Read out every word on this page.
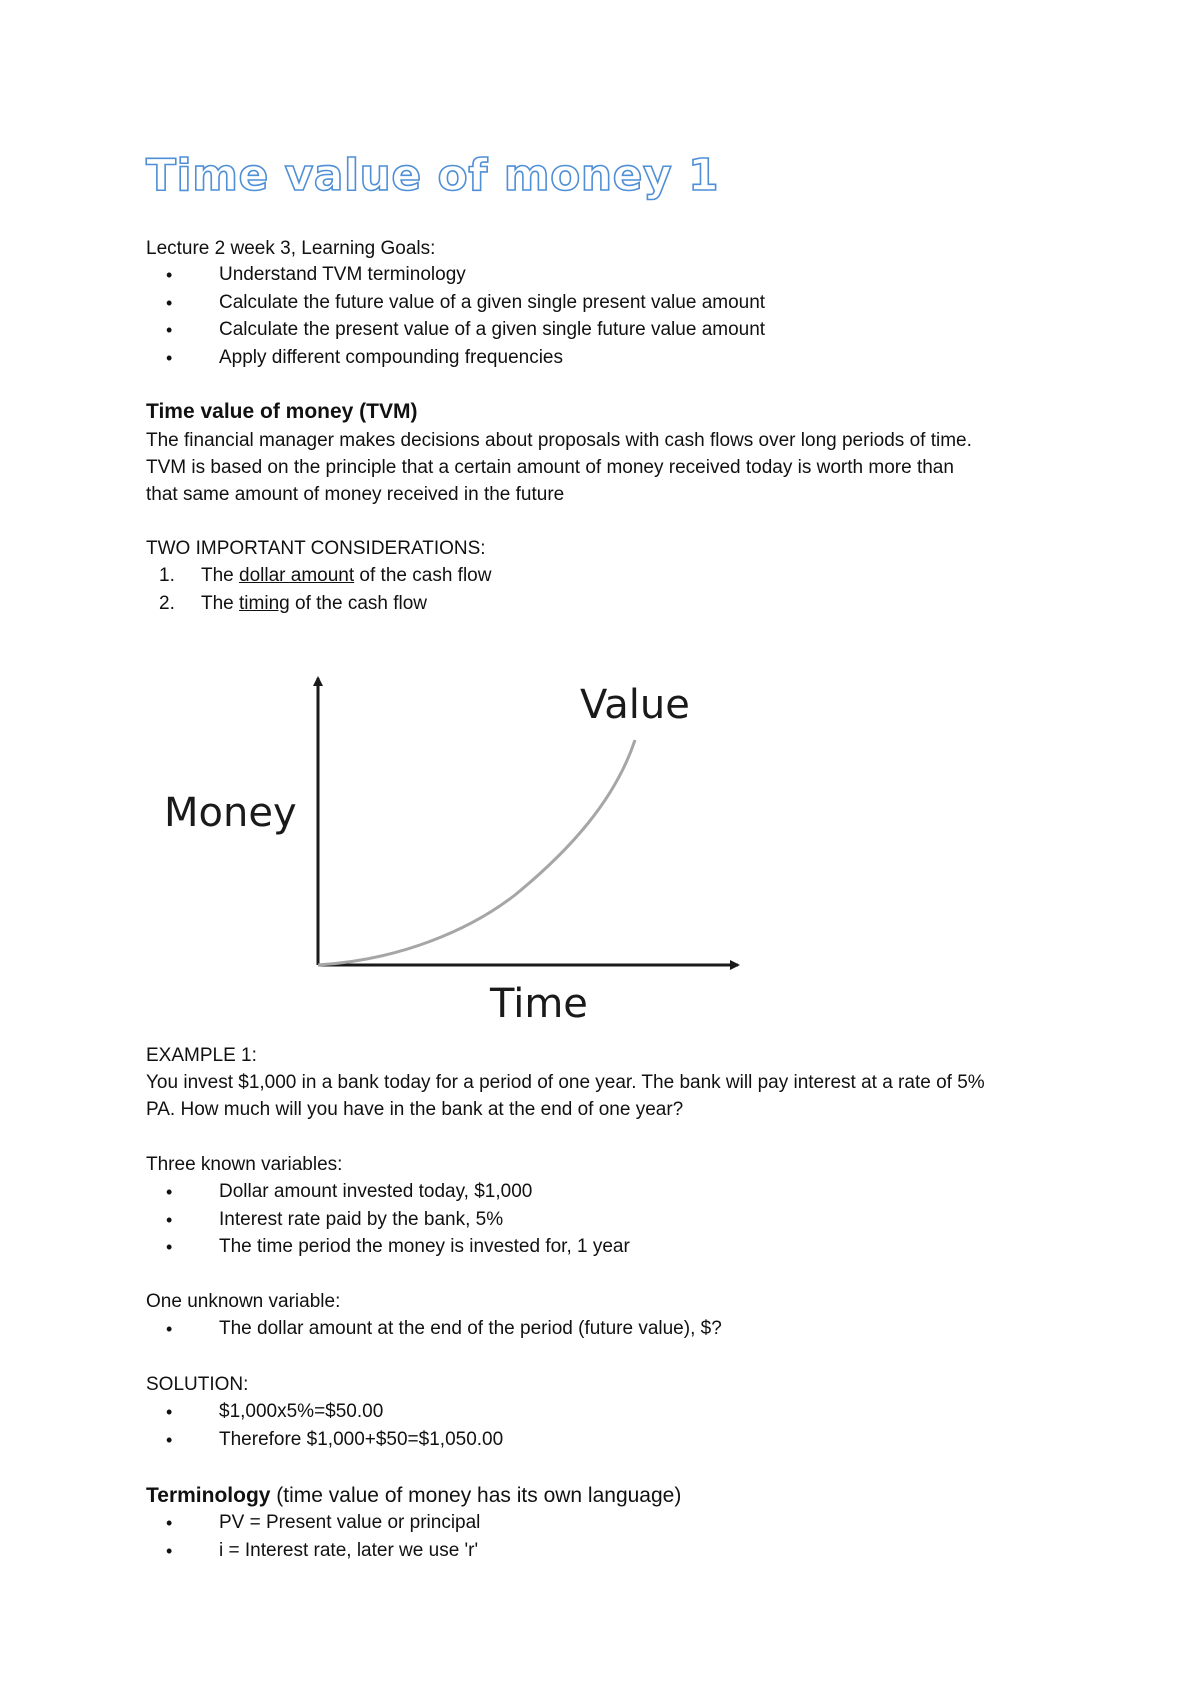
Time value of money 1
Lecture 2 week 3, Learning Goals:
• Understand TVM terminology
• Calculate the future value of a given single present value amount
• Calculate the present value of a given single future value amount
• Apply different compounding frequencies
Time value of money (TVM)
The financial manager makes decisions about proposals with cash flows over long periods of time.
TVM is based on the principle that a certain amount of money received today is worth more than
that same amount of money received in the future
TWO IMPORTANT CONSIDERATIONS:
1. The dollar amount of the cash flow
2. The timing of the cash flow
Money
Time
Value
EXAMPLE 1:
You invest $1,000 in a bank today for a period of one year. The bank will pay interest at a rate of 5%
PA. How much will you have in the bank at the end of one year?
Three known variables:
• Dollar amount invested today, $1,000
• Interest rate paid by the bank, 5%
• The time period the money is invested for, 1 year
One unknown variable:
• The dollar amount at the end of the period (future value), $?
SOLUTION:
• $1,000x5%=$50.00
• Therefore $1,000+$50=$1,050.00
Terminology (time value of money has its own language)
• PV = Present value or principal
• i = Interest rate, later we use 'r'
